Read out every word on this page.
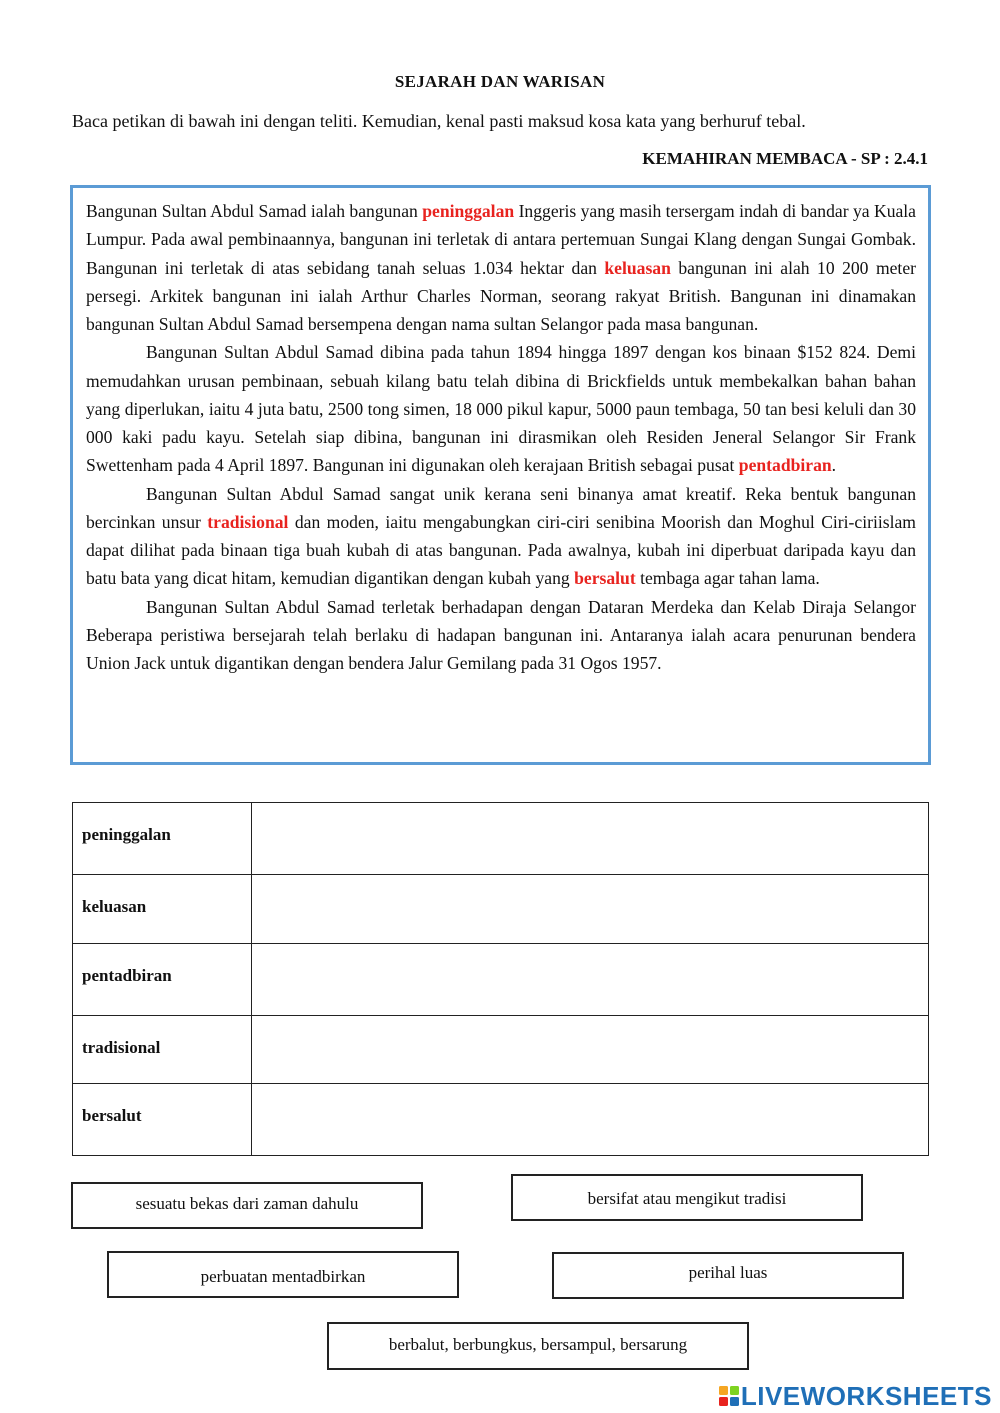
SEJARAH DAN WARISAN
Baca petikan di bawah ini dengan teliti. Kemudian, kenal pasti maksud kosa kata yang berhuruf tebal.
KEMAHIRAN MEMBACA - SP : 2.4.1

Bangunan Sultan Abdul Samad ialah bangunan peninggalan Inggeris yang masih tersergam indah di bandar ya Kuala Lumpur. Pada awal pembinaannya, bangunan ini terletak di antara pertemuan Sungai Klang dengan Sungai Gombak. Bangunan ini terletak di atas sebidang tanah seluas 1.034 hektar dan keluasan bangunan ini alah 10 200 meter persegi. Arkitek bangunan ini ialah Arthur Charles Norman, seorang rakyat British. Bangunan ini dinamakan bangunan Sultan Abdul Samad bersempena dengan nama sultan Selangor pada masa bangunan.

Bangunan Sultan Abdul Samad dibina pada tahun 1894 hingga 1897 dengan kos binaan $152 824. Demi memudahkan urusan pembinaan, sebuah kilang batu telah dibina di Brickfields untuk membekalkan bahan bahan yang diperlukan, iaitu 4 juta batu, 2500 tong simen, 18 000 pikul kapur, 5000 paun tembaga, 50 tan besi keluli dan 30 000 kaki padu kayu. Setelah siap dibina, bangunan ini dirasmikan oleh Residen Jeneral Selangor Sir Frank Swettenham pada 4 April 1897. Bangunan ini digunakan oleh kerajaan British sebagai pusat pentadbiran.

Bangunan Sultan Abdul Samad sangat unik kerana seni binanya amat kreatif. Reka bentuk bangunan bercinkan unsur tradisional dan moden, iaitu mengabungkan ciri-ciri senibina Moorish dan Moghul Ciri-ciriislam dapat dilihat pada binaan tiga buah kubah di atas bangunan. Pada awalnya, kubah ini diperbuat daripada kayu dan batu bata yang dicat hitam, kemudian digantikan dengan kubah yang bersalut tembaga agar tahan lama.

Bangunan Sultan Abdul Samad terletak berhadapan dengan Dataran Merdeka dan Kelab Diraja Selangor Beberapa peristiwa bersejarah telah berlaku di hadapan bangunan ini. Antaranya ialah acara penurunan bendera Union Jack untuk digantikan dengan bendera Jalur Gemilang pada 31 Ogos 1957.

peninggalan	

keluasan	

pentadbiran	

tradisional	

bersalut	

sesuatu bekas dari zaman dahulu	bersifat atau mengikut tradisi
perbuatan mentadbirkan	perihal luas
berbalut, berbungkus, bersampul, bersarung
LIVEWORKSHEETS
